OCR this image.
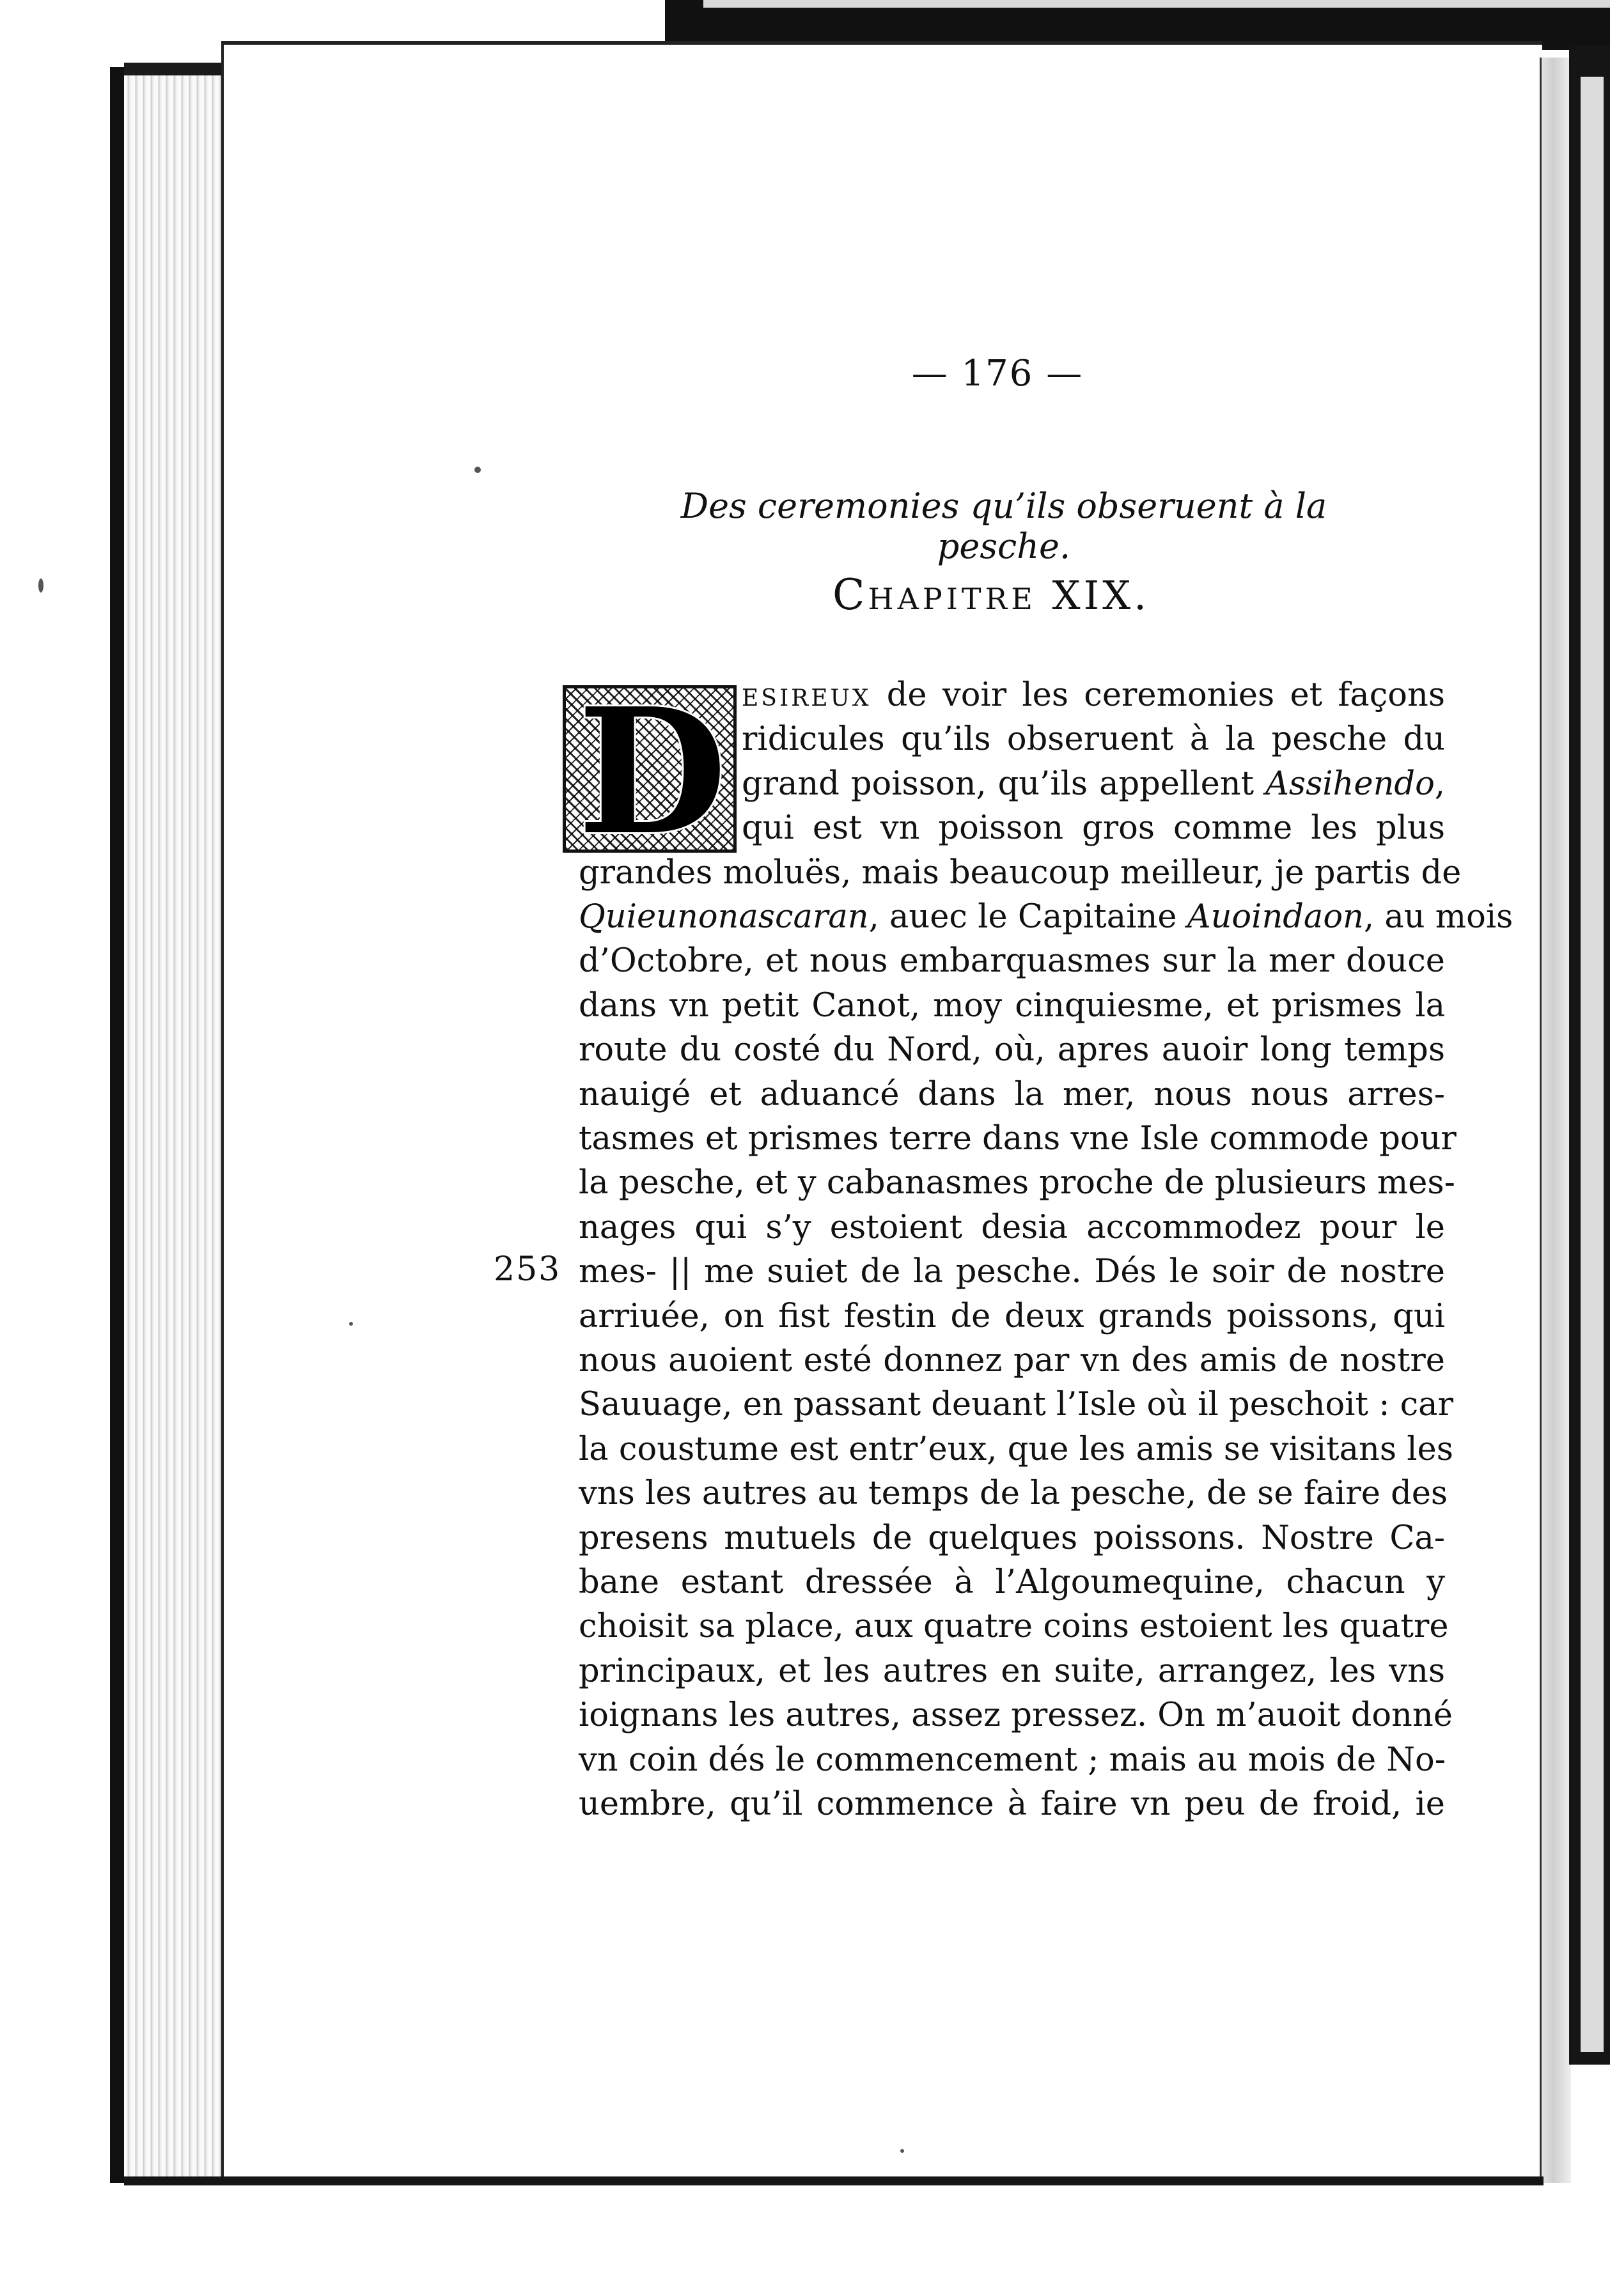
— 176 —
Des ceremonies qu’ils obseruent à la pesche.
CHAPITRE XIX.
D ESIREUX de voir les ceremonies et façons
ridicules qu’ils obseruent à la pesche du
grand poisson, qu’ils appellent Assihendo,
qui est vn poisson gros comme les plus
grandes moluës, mais beaucoup meilleur, je partis de
Quieunonascaran, auec le Capitaine Auoindaon, au mois
d’Octobre, et nous embarquasmes sur la mer douce
dans vn petit Canot, moy cinquiesme, et prismes la
route du costé du Nord, où, apres auoir long temps
nauigé et aduancé dans la mer, nous nous arres-
tasmes et prismes terre dans vne Isle commode pour
la pesche, et y cabanasmes proche de plusieurs mes-
nages qui s’y estoient desia accommodez pour le
mes- || me suiet de la pesche. Dés le soir de nostre
arriuée, on fist festin de deux grands poissons, qui
nous auoient esté donnez par vn des amis de nostre
Sauuage, en passant deuant l’Isle où il peschoit : car
la coustume est entr’eux, que les amis se visitans les
vns les autres au temps de la pesche, de se faire des
presens mutuels de quelques poissons. Nostre Ca-
bane estant dressée à l’Algoumequine, chacun y
choisit sa place, aux quatre coins estoient les quatre
principaux, et les autres en suite, arrangez, les vns
ioignans les autres, assez pressez. On m’auoit donné
vn coin dés le commencement ; mais au mois de No-
uembre, qu’il commence à faire vn peu de froid, ie
253
